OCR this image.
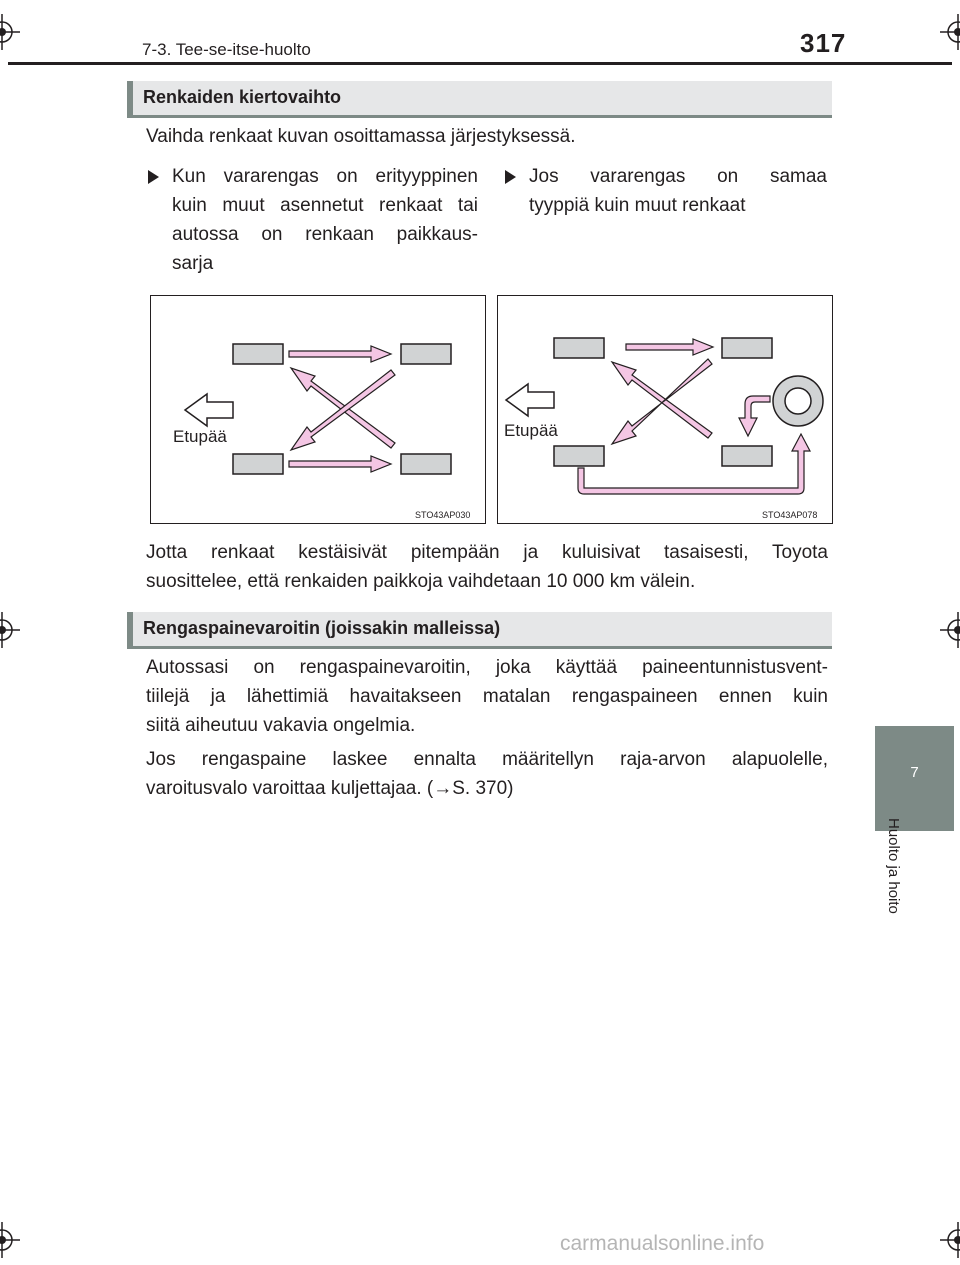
7-3. Tee-se-itse-huolto	317
Renkaiden kiertovaihto
Vaihda renkaat kuvan osoittamassa järjestyksessä.
Kun vararengas on erityyppinen
kuin muut asennetut renkaat tai
autossa on renkaan paikkaus-
sarja
Jos vararengas on samaa
tyyppiä kuin muut renkaat
Etupää
STO43AP030
Etupää
STO43AP078
Jotta renkaat kestäisivät pitempään ja kuluisivat tasaisesti, Toyota
suosittelee, että renkaiden paikkoja vaihdetaan 10 000 km välein.
Rengaspainevaroitin (joissakin malleissa)
Autossasi on rengaspainevaroitin, joka käyttää paineentunnistusvent-
tiilejä ja lähettimiä havaitakseen matalan rengaspaineen ennen kuin
siitä aiheutuu vakavia ongelmia.
Jos rengaspaine laskee ennalta määritellyn raja-arvon alapuolelle,
varoitusvalo varoittaa kuljettajaa. (→S. 370)
7
Huolto ja hoito
carmanualsonline.info
